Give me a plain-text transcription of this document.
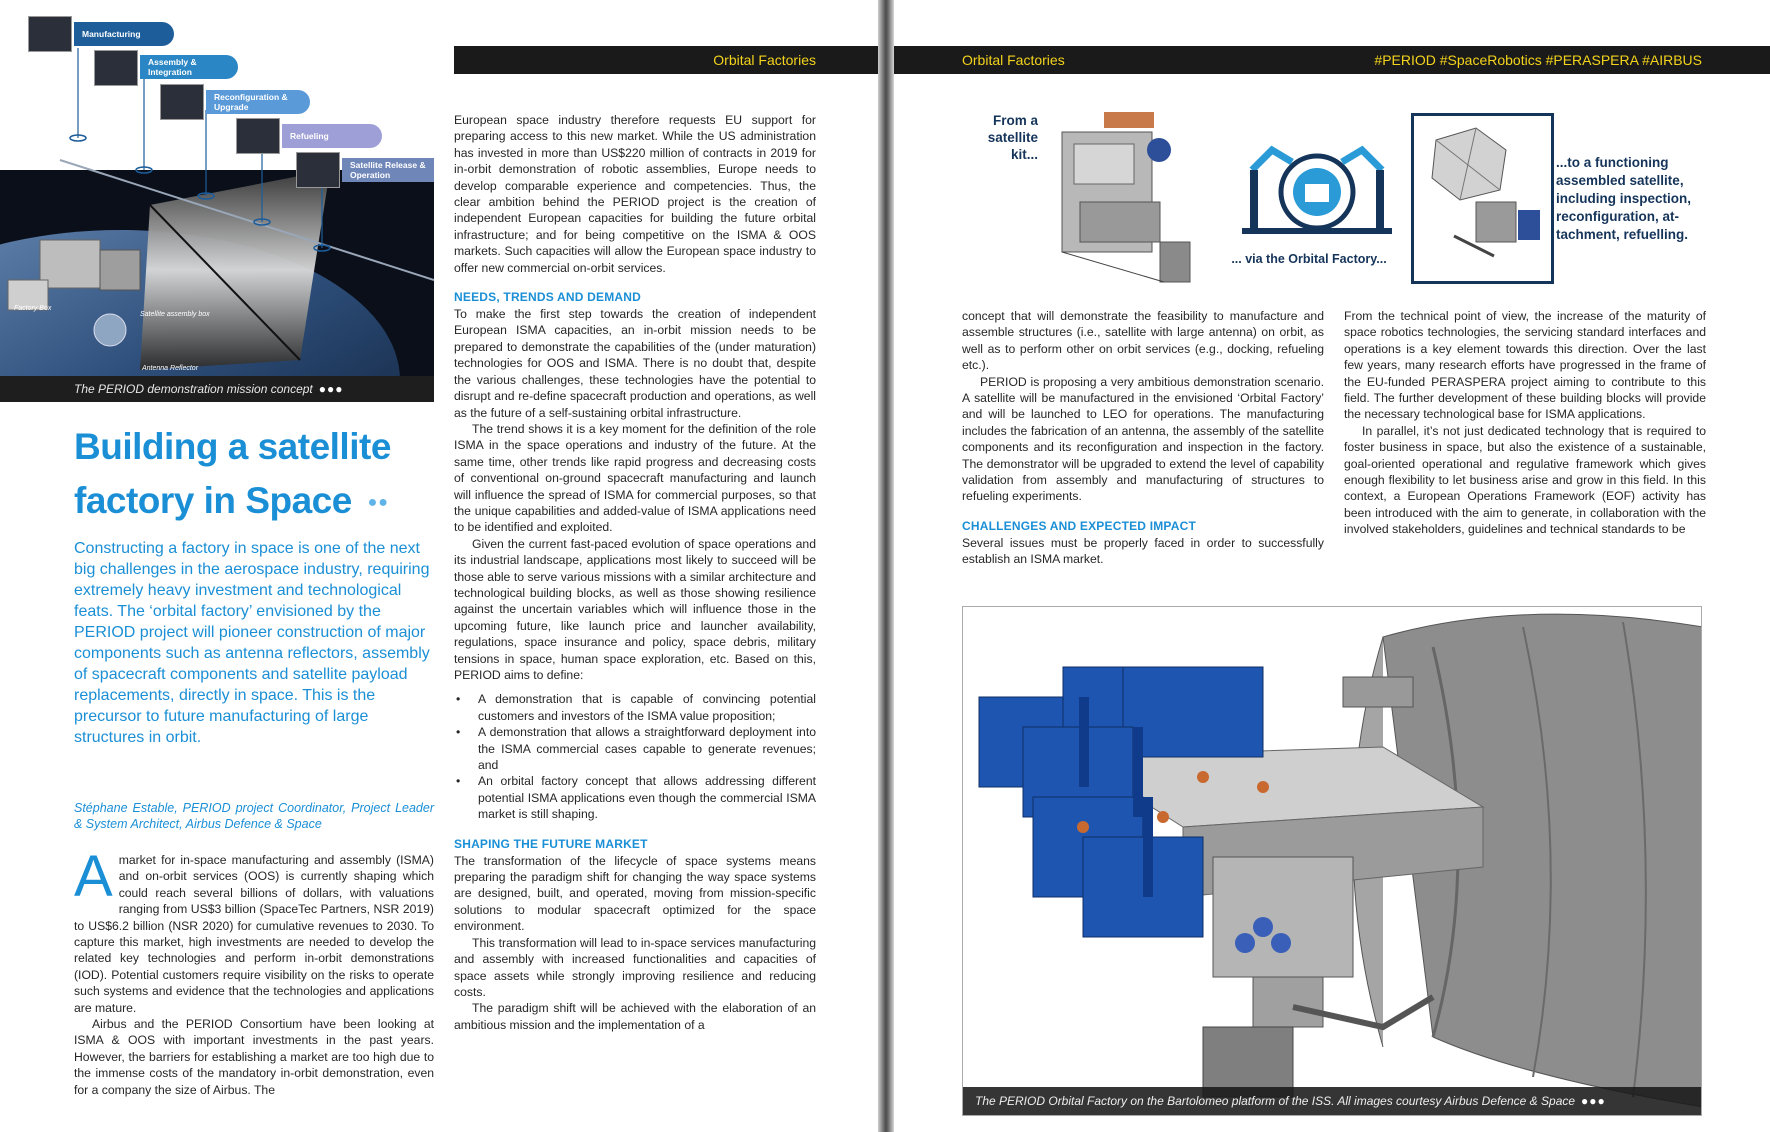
Factory Box
Satellite assembly box
Antenna Reflector
Manufacturing
Assembly & Integration
Reconfiguration & Upgrade
Refueling
Satellite Release & Operation
The PERIOD demonstration mission concept ●●●
Orbital Factories
Building a satellite factory in Space ●●

Constructing a factory in space is one of the next big challenges in the aerospace industry, requiring extremely heavy investment and technological feats. The ‘orbital factory’ envisioned by the PERIOD project will pioneer construction of major components such as antenna reflectors, assembly of spacecraft components and satellite payload replacements, directly in space. This is the precursor to future manufacturing of large structures in orbit.

Stéphane Estable, PERIOD project Coordinator, Project Leader & System Architect, Airbus Defence & Space

A market for in-space manufacturing and assembly (ISMA) and on-orbit services (OOS) is currently shaping which could reach several billions of dollars, with valuations ranging from US$3 billion (SpaceTec Partners, NSR 2019) to US$6.2 billion (NSR 2020) for cumulative revenues to 2030. To capture this market, high investments are needed to develop the related key technologies and perform in-orbit demonstrations (IOD). Potential customers require visibility on the risks to operate such systems and evidence that the technologies and applications are mature.

Airbus and the PERIOD Consortium have been looking at ISMA & OOS with important investments in the past years. However, the barriers for establishing a market are too high due to the immense costs of the mandatory in-orbit demonstration, even for a company the size of Airbus. The

European space industry therefore requests EU support for preparing access to this new market. While the US administration has invested in more than US$220 million of contracts in 2019 for in-orbit demonstration of robotic assemblies, Europe needs to develop comparable experience and competencies. Thus, the clear ambition behind the PERIOD project is the creation of independent European capacities for building the future orbital infrastructure; and for being competitive on the ISMA & OOS markets. Such capacities will allow the European space industry to offer new commercial on-orbit services.

NEEDS, TRENDS AND DEMAND

To make the first step towards the creation of independent European ISMA capacities, an in-orbit mission needs to be prepared to demonstrate the capabilities of the (under maturation) technologies for OOS and ISMA. There is no doubt that, despite the various challenges, these technologies have the potential to disrupt and re-define spacecraft production and operations, as well as the future of a self-sustaining orbital infrastructure.

The trend shows it is a key moment for the definition of the role ISMA in the space operations and industry of the future. At the same time, other trends like rapid progress and decreasing costs of conventional on-ground spacecraft manufacturing and launch will influence the spread of ISMA for commercial purposes, so that the unique capabilities and added-value of ISMA applications need to be identified and exploited.

Given the current fast-paced evolution of space operations and its industrial landscape, applications most likely to succeed will be those able to serve various missions with a similar architecture and technological building blocks, as well as those showing resilience against the uncertain variables which will influence those in the upcoming future, like launch price and launcher availability, regulations, space insurance and policy, space debris, military tensions in space, human space exploration, etc. Based on this, PERIOD aims to define:

• A demonstration that is capable of convincing potential customers and investors of the ISMA value proposition;
• A demonstration that allows a straightforward deployment into the ISMA commercial cases capable to generate revenues; and
• An orbital factory concept that allows addressing different potential ISMA applications even though the commercial ISMA market is still shaping.
SHAPING THE FUTURE MARKET

The transformation of the lifecycle of space systems means preparing the paradigm shift for changing the way space systems are designed, built, and operated, moving from mission-specific solutions to modular spacecraft optimized for the space environment.

This transformation will lead to in-space services manufacturing and assembly with increased functionalities and capacities of space assets while strongly improving resilience and reducing costs.

The paradigm shift will be achieved with the elaboration of an ambitious mission and the implementation of a

Orbital Factories	#PERIOD #SpaceRobotics #PERASPERA #AIRBUS
From a satellite kit...
... via the Orbital Factory...
...to a functioning assembled satellite, including inspection, reconfiguration, at-tachment, refuelling.

concept that will demonstrate the feasibility to manufacture and assemble structures (i.e., satellite with large antenna) on orbit, as well as to perform other on orbit services (e.g., docking, refueling etc.).

PERIOD is proposing a very ambitious demonstration scenario. A satellite will be manufactured in the envisioned ‘Orbital Factory’ and will be launched to LEO for operations. The manufacturing includes the fabrication of an antenna, the assembly of the satellite components and its reconfiguration and inspection in the factory. The demonstrator will be upgraded to extend the level of capability validation from assembly and manufacturing of structures to refueling experiments.

CHALLENGES AND EXPECTED IMPACT

Several issues must be properly faced in order to successfully establish an ISMA market.

From the technical point of view, the increase of the maturity of space robotics technologies, the servicing standard interfaces and operations is a key element towards this direction. Over the last few years, many research efforts have progressed in the frame of the EU-funded PERASPERA project aiming to contribute to this field. The further development of these building blocks will provide the necessary technological base for ISMA applications.

In parallel, it’s not just dedicated technology that is required to foster business in space, but also the existence of a sustainable, goal-oriented operational and regulative framework which gives enough flexibility to let business arise and grow in this field. In this context, a European Operations Framework (EOF) activity has been introduced with the aim to generate, in collaboration with the involved stakeholders, guidelines and technical standards to be

The PERIOD Orbital Factory on the Bartolomeo platform of the ISS. All images courtesy Airbus Defence & Space ●●●
